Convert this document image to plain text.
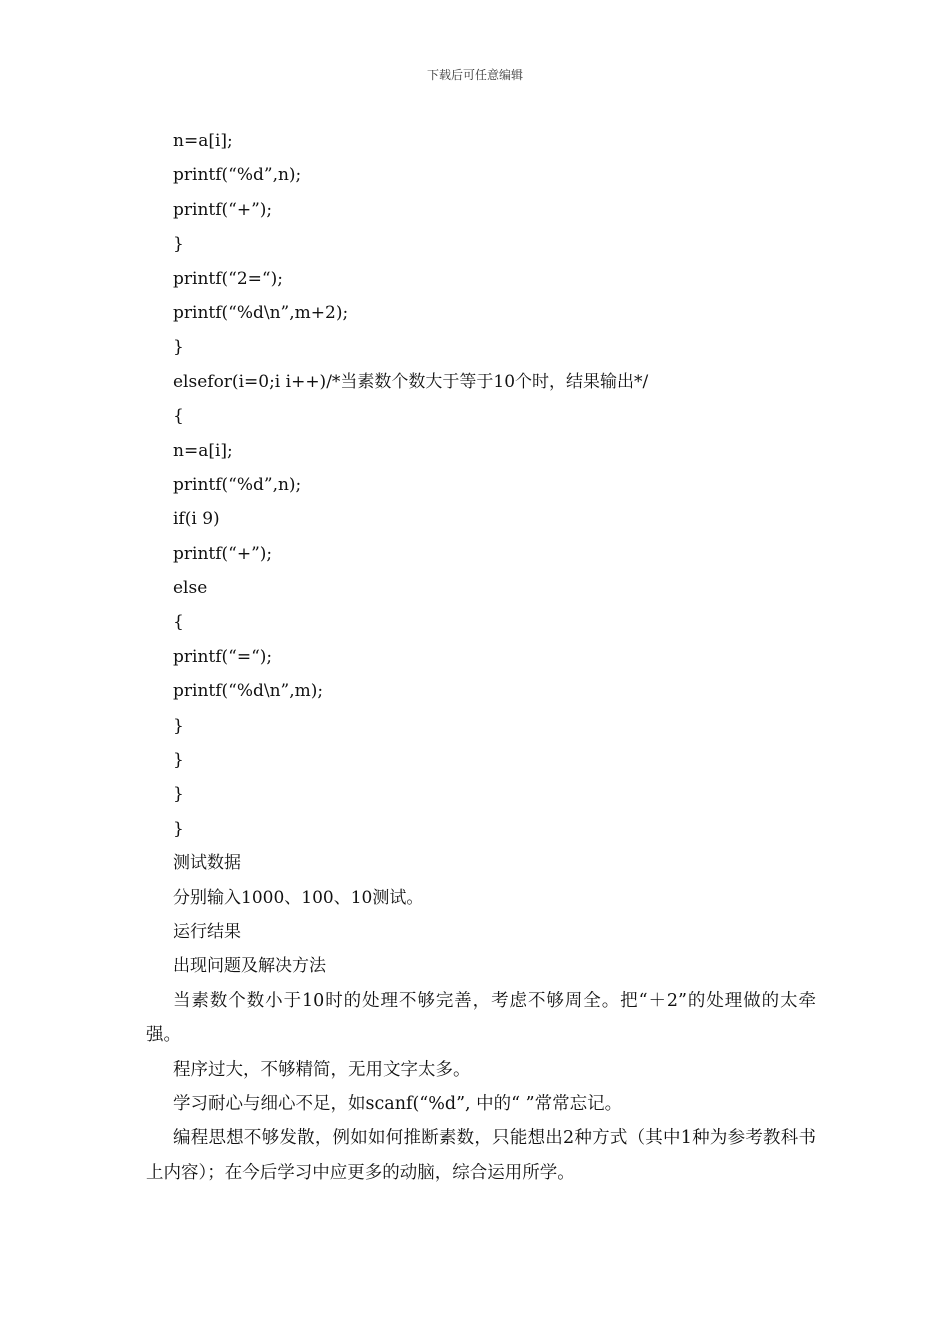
下载后可任意编辑
n=a[i];
printf(“%d”,n);
printf(“+”);
}
printf(“2=“);
printf(“%d\n”,m+2);
}
elsefor(i=0;i i++)/*当素数个数大于等于10个时，结果输出*/
{
n=a[i];
printf(“%d”,n);
if(i 9)
printf(“+”);
else
{
printf(“=“);
printf(“%d\n”,m);
}
}
}
}
测试数据
分别输入1000、100、10测试。
运行结果
出现问题及解决方法

当素数个数小于10时的处理不够完善，考虑不够周全。把“＋2”的处理做的太牵强。

程序过大，不够精简，无用文字太多。

学习耐心与细心不足，如scanf(“%d”, 中的“ ”常常忘记。

编程思想不够发散，例如如何推断素数，只能想出2种方式（其中1种为参考教科书上内容）；在今后学习中应更多的动脑，综合运用所学。
